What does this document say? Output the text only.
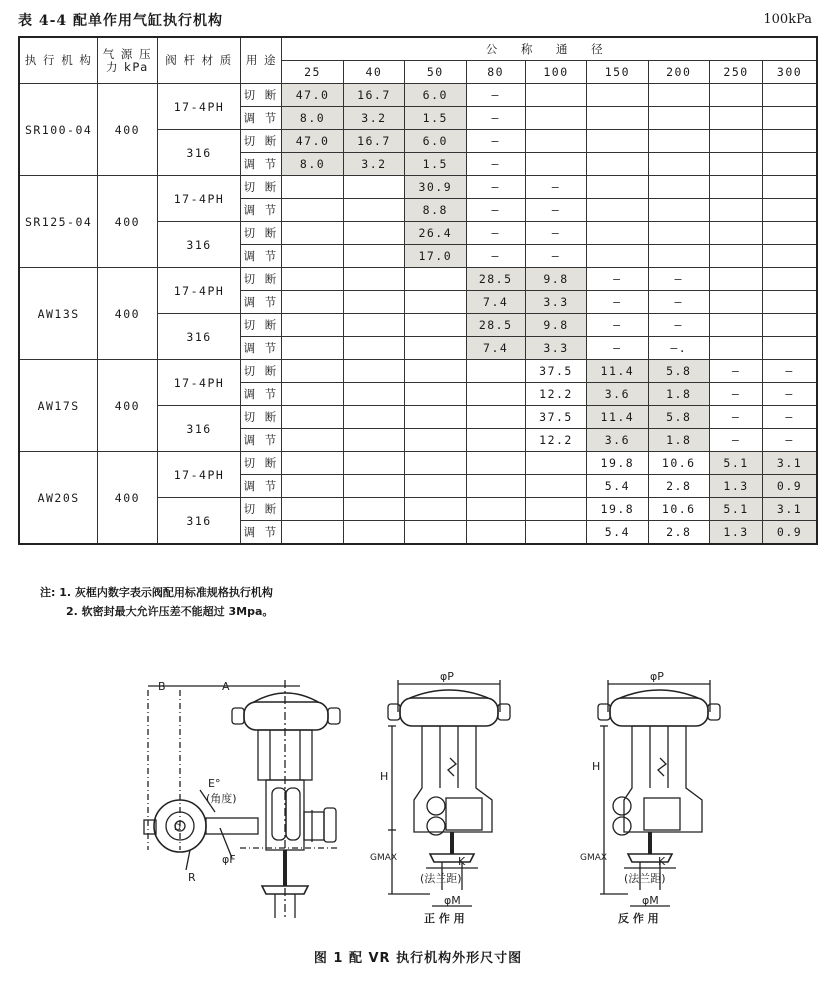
表 4-4 配单作用气缸执行机构	100kPa
执 行 机 构	气 源 压 力 kPa	阀 杆 材 质	用 途	公 称 通 径								
				25	40	50	80	100	150	200	250	300
SR100-04	400	17-4PH	切 断	47.0	16.7	6.0	—					
			调 节	8.0	3.2	1.5	—					
		316	切 断	47.0	16.7	6.0	—					
			调 节	8.0	3.2	1.5	—					
SR125-04	400	17-4PH	切 断			30.9	—	—				
			调 节			8.8	—	—				
		316	切 断			26.4	—	—				
			调 节			17.0	—	—				
AW13S	400	17-4PH	切 断				28.5	9.8	—	—		
			调 节				7.4	3.3	—	—		
		316	切 断				28.5	9.8	—	—		
			调 节				7.4	3.3	—	—.		
AW17S	400	17-4PH	切 断					37.5	11.4	5.8	—	—
			调 节					12.2	3.6	1.8	—	—
		316	切 断					37.5	11.4	5.8	—	—
			调 节					12.2	3.6	1.8	—	—
AW20S	400	17-4PH	切 断						19.8	10.6	5.1	3.1
			调 节						5.4	2.8	1.3	0.9
		316	切 断						19.8	10.6	5.1	3.1
			调 节						5.4	2.8	1.3	0.9
注: 1. 灰框内数字表示阀配用标准规格执行机构
2. 软密封最大允许压差不能超过 3Mpa。
B	A
E°
(角度)
D
φF
R
φP
H
GMAX	K
(法兰距)
φM
正 作 用
φP
H
GMAX	K
(法兰距)
φM
反 作 用
图 1 配 VR 执行机构外形尺寸图
